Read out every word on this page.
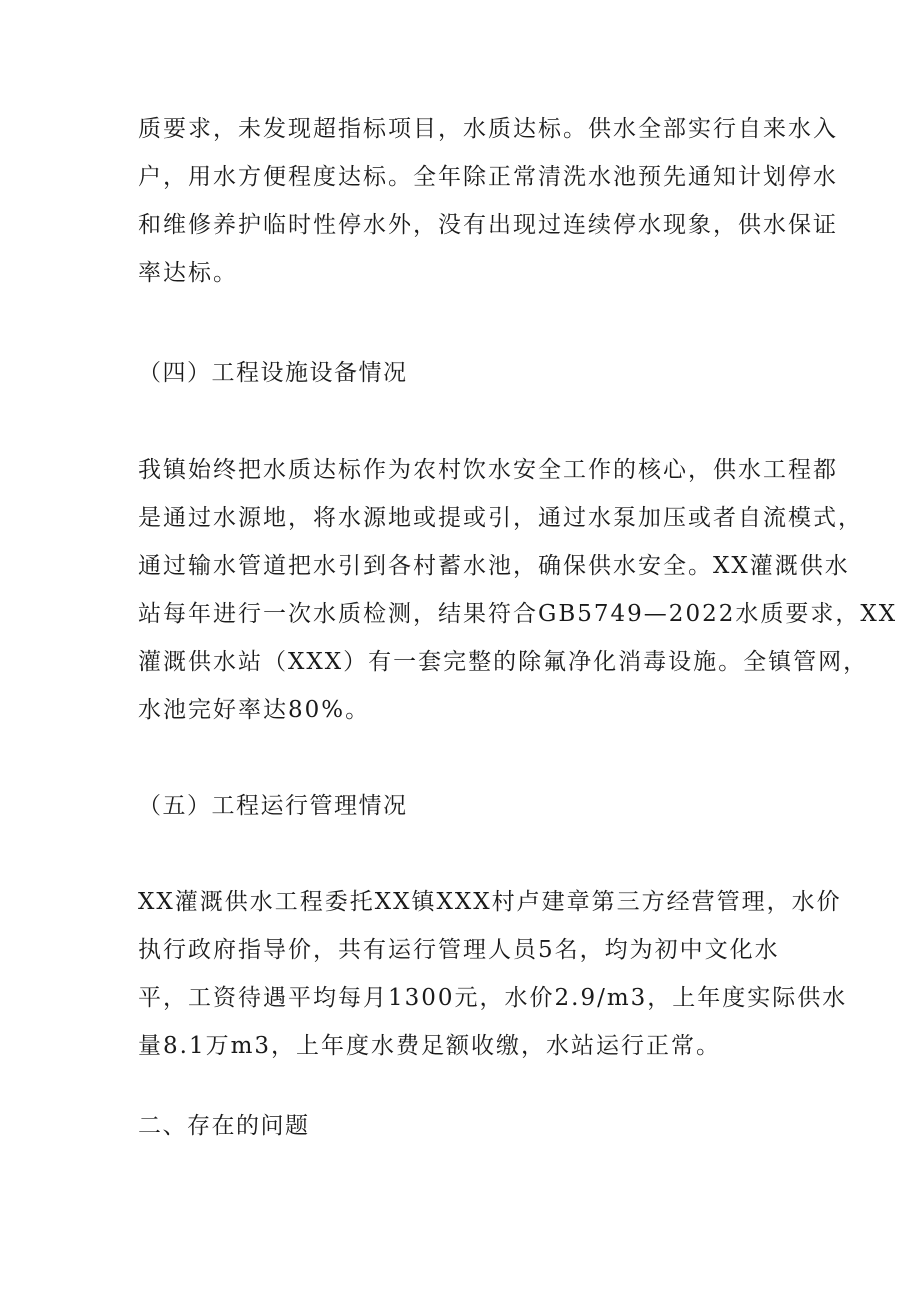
质要求，未发现超指标项目，水质达标。供水全部实行自来水入
户，用水方便程度达标。全年除正常清洗水池预先通知计划停水
和维修养护临时性停水外，没有出现过连续停水现象，供水保证
率达标。
（四）工程设施设备情况
我镇始终把水质达标作为农村饮水安全工作的核心，供水工程都
是通过水源地，将水源地或提或引，通过水泵加压或者自流模式，
通过输水管道把水引到各村蓄水池，确保供水安全。XX灌溉供水
站每年进行一次水质检测，结果符合GB5749—2022水质要求，XX
灌溉供水站（XXX）有一套完整的除氟净化消毒设施。全镇管网，
水池完好率达80%。
（五）工程运行管理情况
XX灌溉供水工程委托XX镇XXX村卢建章第三方经营管理，水价
执行政府指导价，共有运行管理人员5名，均为初中文化水
平，工资待遇平均每月1300元，水价2.9/m3，上年度实际供水
量8.1万m3，上年度水费足额收缴，水站运行正常。
二、存在的问题
